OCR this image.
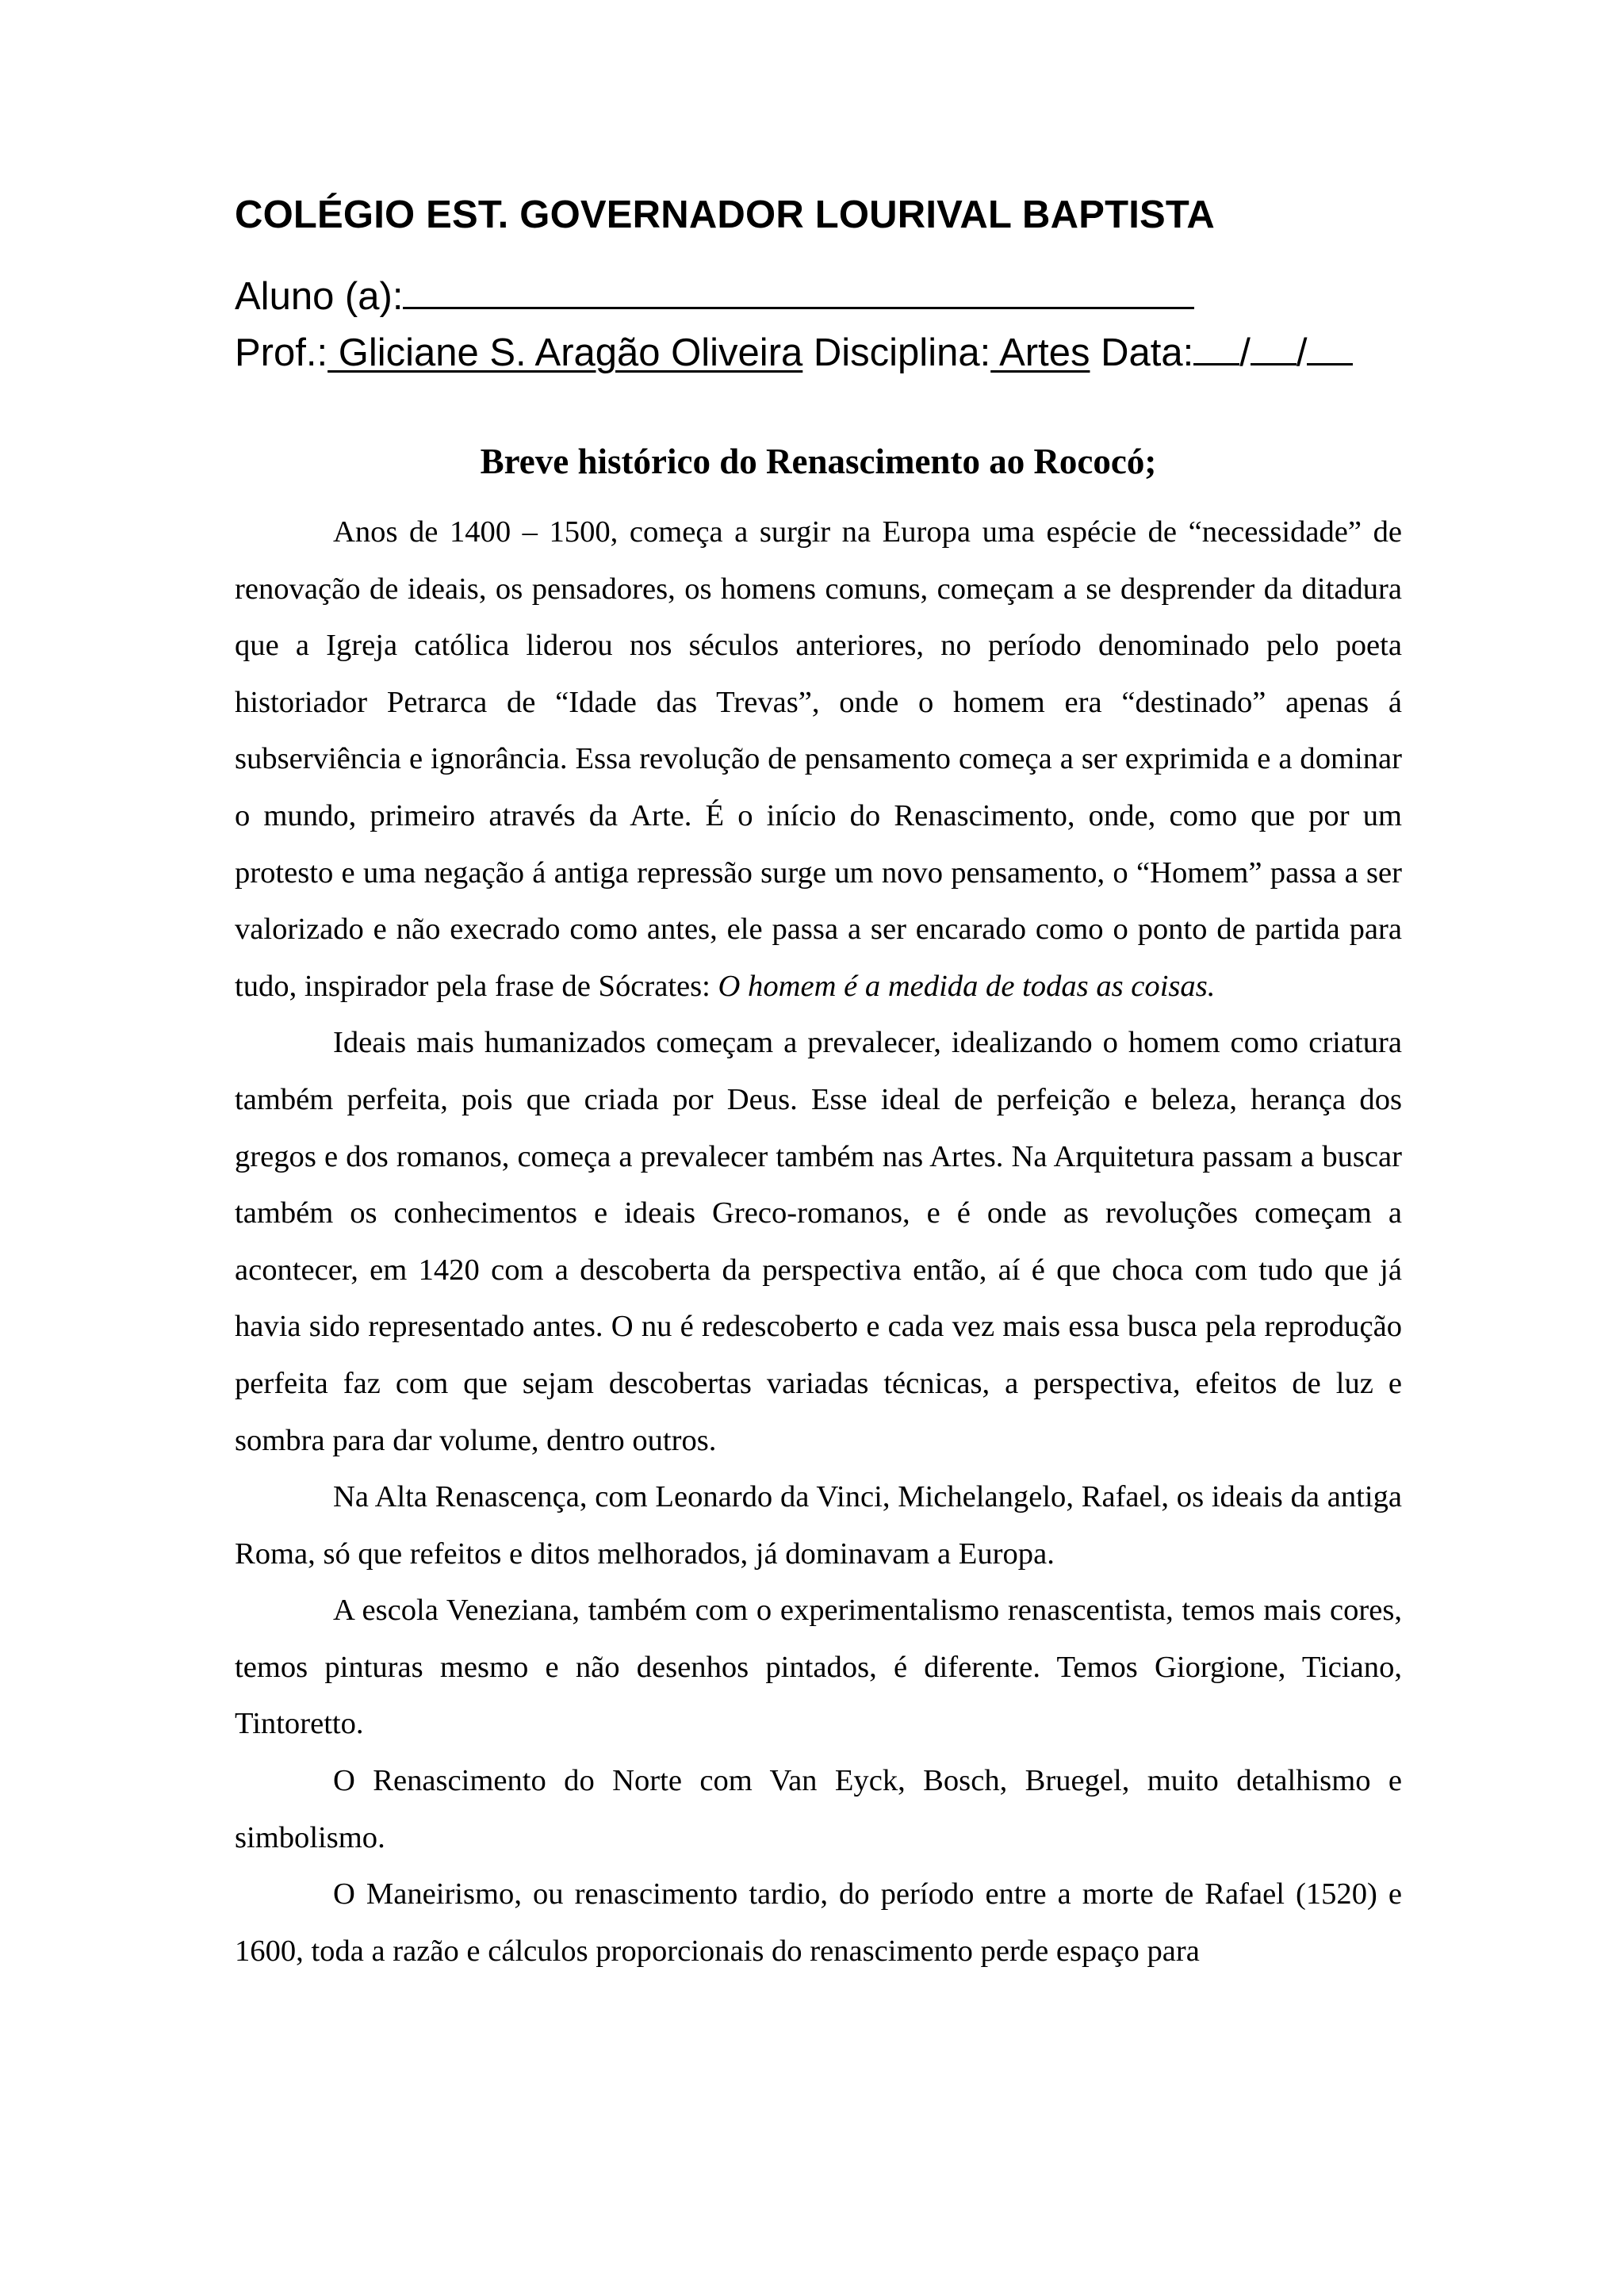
COLÉGIO EST. GOVERNADOR LOURIVAL BAPTISTA

Aluno (a):

Prof.: Gliciane S. Aragão Oliveira Disciplina: Artes Data: / /

Breve histórico do Renascimento ao Rococó;

Anos de 1400 – 1500, começa a surgir na Europa uma espécie de “necessidade” de renovação de ideais, os pensadores, os homens comuns, começam a se desprender da ditadura que a Igreja católica liderou nos séculos anteriores, no período denominado pelo poeta historiador Petrarca de “Idade das Trevas”, onde o homem era “destinado” apenas á subserviência e ignorância. Essa revolução de pensamento começa a ser exprimida e a dominar o mundo, primeiro através da Arte. É o início do Renascimento, onde, como que por um protesto e uma negação á antiga repressão surge um novo pensamento, o “Homem” passa a ser valorizado e não execrado como antes, ele passa a ser encarado como o ponto de partida para tudo, inspirador pela frase de Sócrates: O homem é a medida de todas as coisas.

Ideais mais humanizados começam a prevalecer, idealizando o homem como criatura também perfeita, pois que criada por Deus. Esse ideal de perfeição e beleza, herança dos gregos e dos romanos, começa a prevalecer também nas Artes. Na Arquitetura passam a buscar também os conhecimentos e ideais Greco-romanos, e é onde as revoluções começam a acontecer, em 1420 com a descoberta da perspectiva então, aí é que choca com tudo que já havia sido representado antes. O nu é redescoberto e cada vez mais essa busca pela reprodução perfeita faz com que sejam descobertas variadas técnicas, a perspectiva, efeitos de luz e sombra para dar volume, dentro outros.

Na Alta Renascença, com Leonardo da Vinci, Michelangelo, Rafael, os ideais da antiga Roma, só que refeitos e ditos melhorados, já dominavam a Europa.

A escola Veneziana, também com o experimentalismo renascentista, temos mais cores, temos pinturas mesmo e não desenhos pintados, é diferente. Temos Giorgione, Ticiano, Tintoretto.

O Renascimento do Norte com Van Eyck, Bosch, Bruegel, muito detalhismo e simbolismo.

O Maneirismo, ou renascimento tardio, do período entre a morte de Rafael (1520) e 1600, toda a razão e cálculos proporcionais do renascimento perde espaço para
